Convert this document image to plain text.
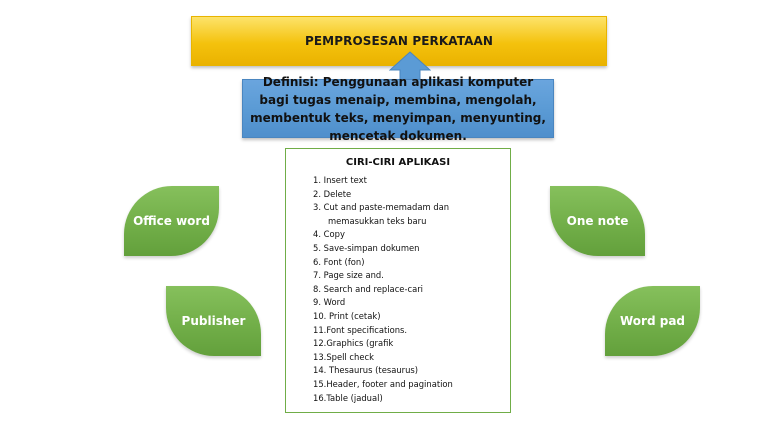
PEMPROSESAN PERKATAAN
Definisi: Penggunaan aplikasi komputer bagi tugas menaip, membina, mengolah, membentuk teks, menyimpan, menyunting, mencetak dokumen.
CIRI-CIRI APLIKASI
1. Insert text
2. Delete
3. Cut and paste-memadam dan
memasukkan teks baru
4. Copy
5. Save-simpan dokumen
6. Font (fon)
7. Page size and.
8. Search and replace-cari
9. Word
10. Print (cetak)
11.Font specifications.
12.Graphics (grafik
13.Spell check
14. Thesaurus (tesaurus)
15.Header, footer and pagination
16.Table (jadual)
Office word
Publisher
One note
Word pad
